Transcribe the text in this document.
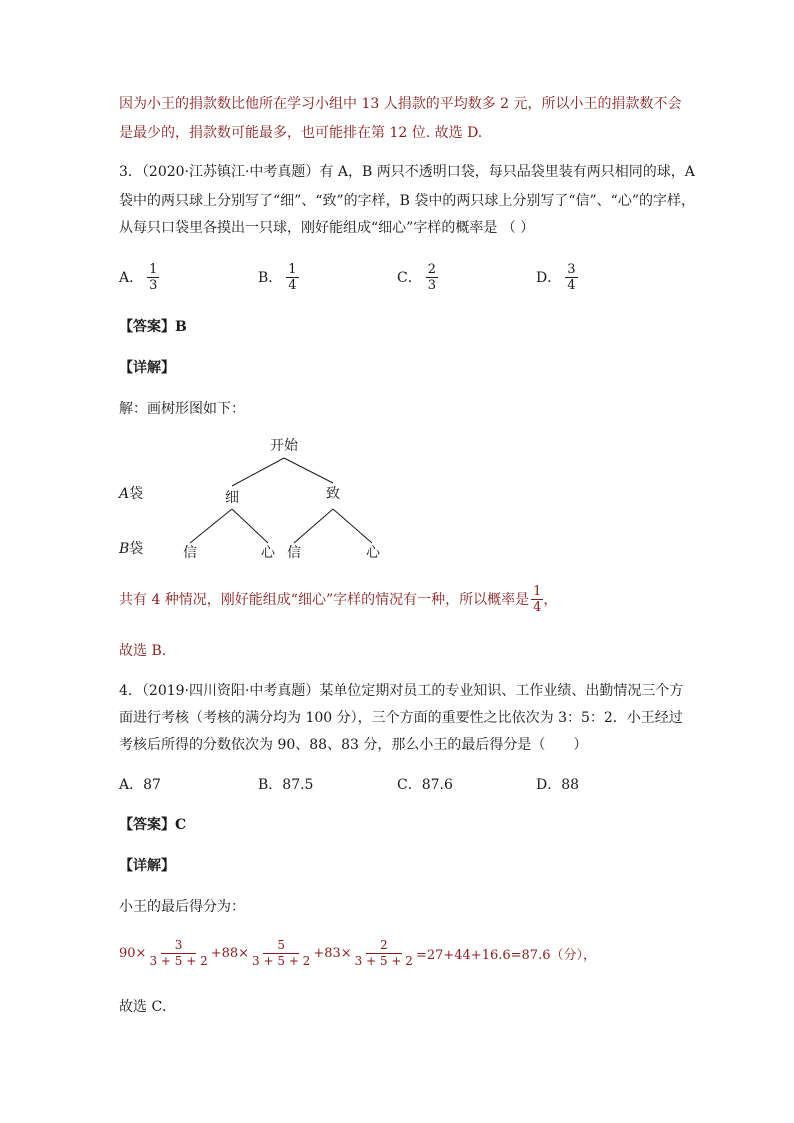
因为小王的捐款数比他所在学习小组中 13 人捐款的平均数多 2 元，所以小王的捐款数不会
是最少的，捐款数可能最多，也可能排在第 12 位. 故选 D.
3．（2020·江苏镇江·中考真题）有 A，B 两只不透明口袋，每只品袋里装有两只相同的球，A
袋中的两只球上分别写了“细”、“致”的字样，B 袋中的两只球上分别写了“信”、“心”的字样，
从每只口袋里各摸出一只球，刚好能组成“细心”字样的概率是 （ ）
A． $\frac{1}{3}$	B． $\frac{1}{4}$	C． $\frac{2}{3}$	D． $\frac{3}{4}$
【答案】B
【详解】
解：画树形图如下：
开始
A袋	细	致
B袋	信	心 信	心
共有 4 种情况，刚好能组成“细心”字样的情况有一种，所以概率是 $\frac{1}{4}$ ，
故选 B．
4．（2019·四川资阳·中考真题）某单位定期对员工的专业知识、工作业绩、出勤情况三个方
面进行考核（考核的满分均为 100 分），三个方面的重要性之比依次为 3：5：2．小王经过
考核后所得的分数依次为 90、88、83 分，那么小王的最后得分是（　　）
A．87	B．87.5	C．87.6	D．88
【答案】C
【详解】
小王的最后得分为：
$90\times \frac{3}{3 + 5 + 2} +88\times \frac{5}{3 + 5 + 2} +83\times \frac{2}{3 + 5 + 2} =27+44+16.6=87.6$（分），
故选 C．
